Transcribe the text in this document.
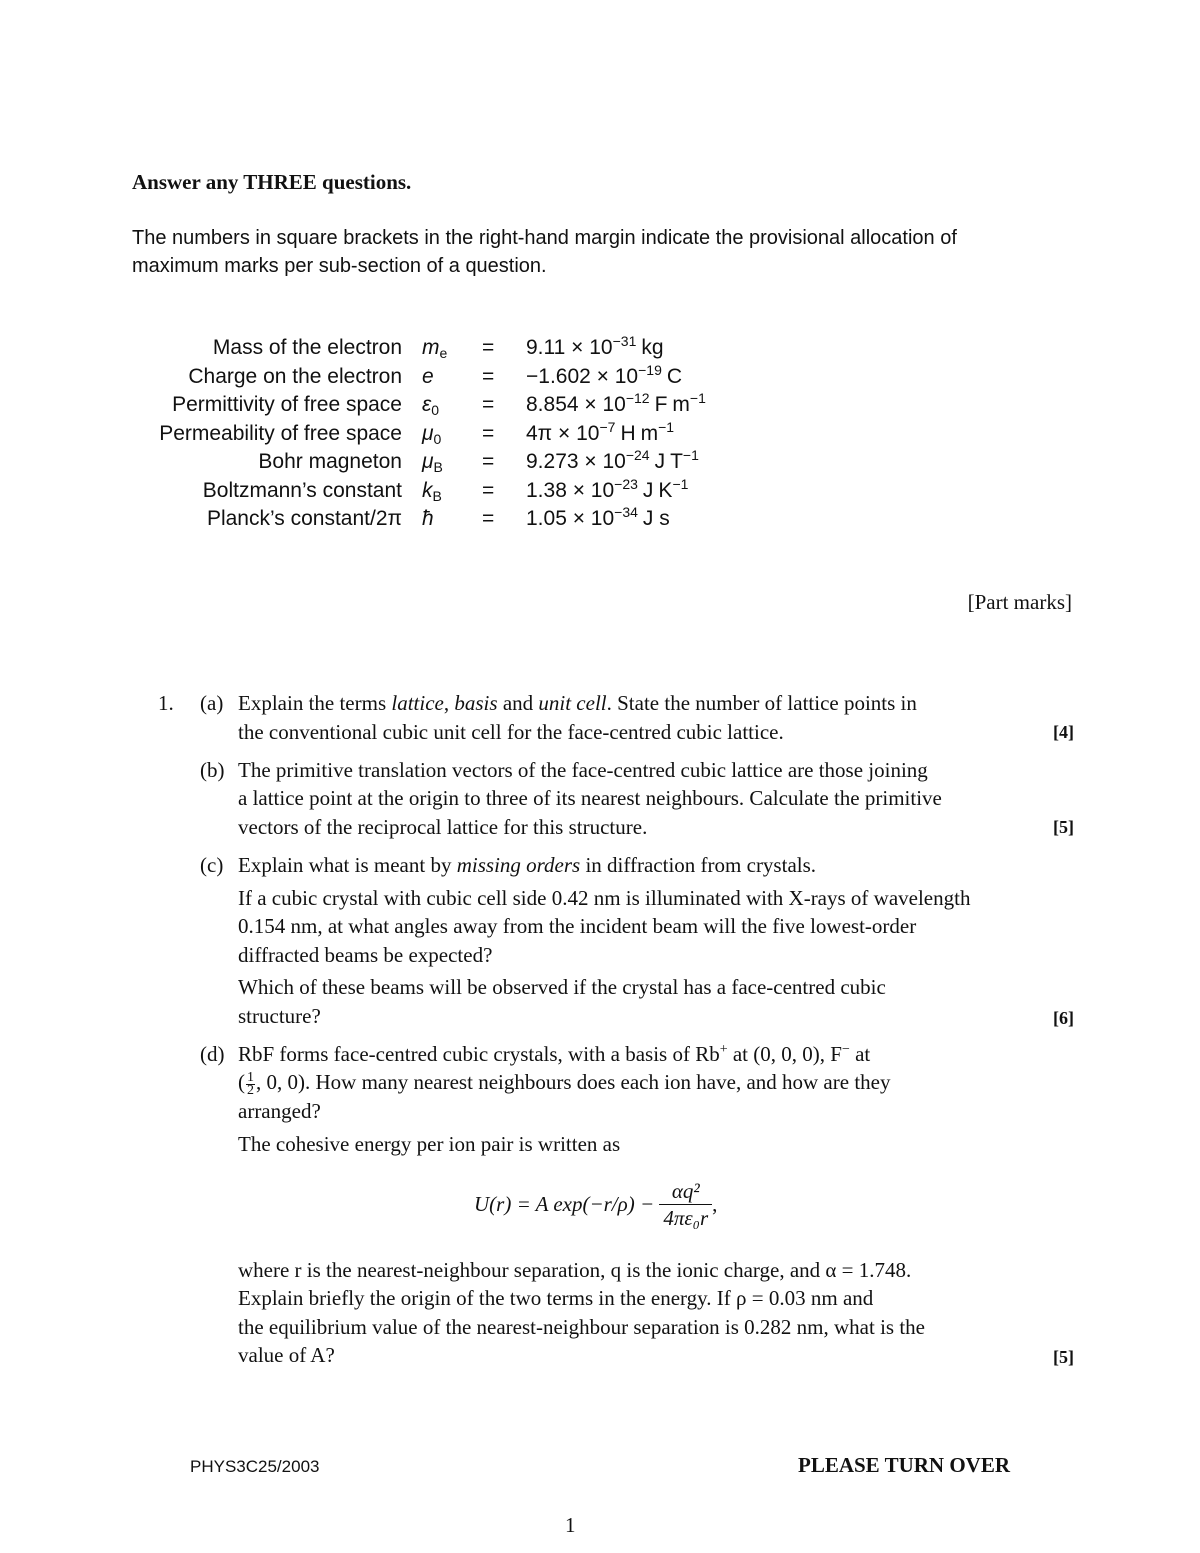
Answer any THREE questions.
The numbers in square brackets in the right-hand margin indicate the provisional allocation of
maximum marks per sub-section of a question.
Mass of the electron	$m_e$	=	$9.11 \times 10^{-31}$ kg
Charge on the electron	e	=	$-1.602 \times 10^{-19}$ C
Permittivity of free space	$\varepsilon_0$	=	$8.854 \times 10^{-12}$ F $m^{-1}$
Permeability of free space	$\mu_0$	=	$4\pi \times 10^{-7}$ H $m^{-1}$
Bohr magneton	$\mu_B$	=	$9.273 \times 10^{-24}$ J $T^{-1}$
Boltzmann’s constant	$k_B$	=	$1.38 \times 10^{-23}$ J $K^{-1}$
Planck’s constant/2π	ħ	=	$1.05 \times 10^{-34}$ J s
[Part marks]
1. (a) Explain the terms lattice, basis and unit cell. State the number of lattice points in
the conventional cubic unit cell for the face-centred cubic lattice.	[4]
(b) The primitive translation vectors of the face-centred cubic lattice are those joining
a lattice point at the origin to three of its nearest neighbours. Calculate the primitive
vectors of the reciprocal lattice for this structure.	[5]
(c) Explain what is meant by missing orders in diffraction from crystals.
If a cubic crystal with cubic cell side 0.42 nm is illuminated with X-rays of wavelength
0.154 nm, at what angles away from the incident beam will the five lowest-order
diffracted beams be expected?
Which of these beams will be observed if the crystal has a face-centred cubic
structure?	[6]
(d) RbF forms face-centred cubic crystals, with a basis of Rb+ at (0, 0, 0), F− at
( $\frac{1}{2}$ , 0, 0). How many nearest neighbours does each ion have, and how are they
arranged?
The cohesive energy per ion pair is written as
U(r) = A $\exp(-r/\rho) - \frac{\text{αq²}}{\text{4πε₀r}}$ ,
where r is the nearest-neighbour separation, q is the ionic charge, and α = 1.748.
Explain briefly the origin of the two terms in the energy. If ρ = 0.03 nm and
the equilibrium value of the nearest-neighbour separation is 0.282 nm, what is the
value of A?	[5]
PHYS3C25/2003	PLEASE TURN OVER
1
